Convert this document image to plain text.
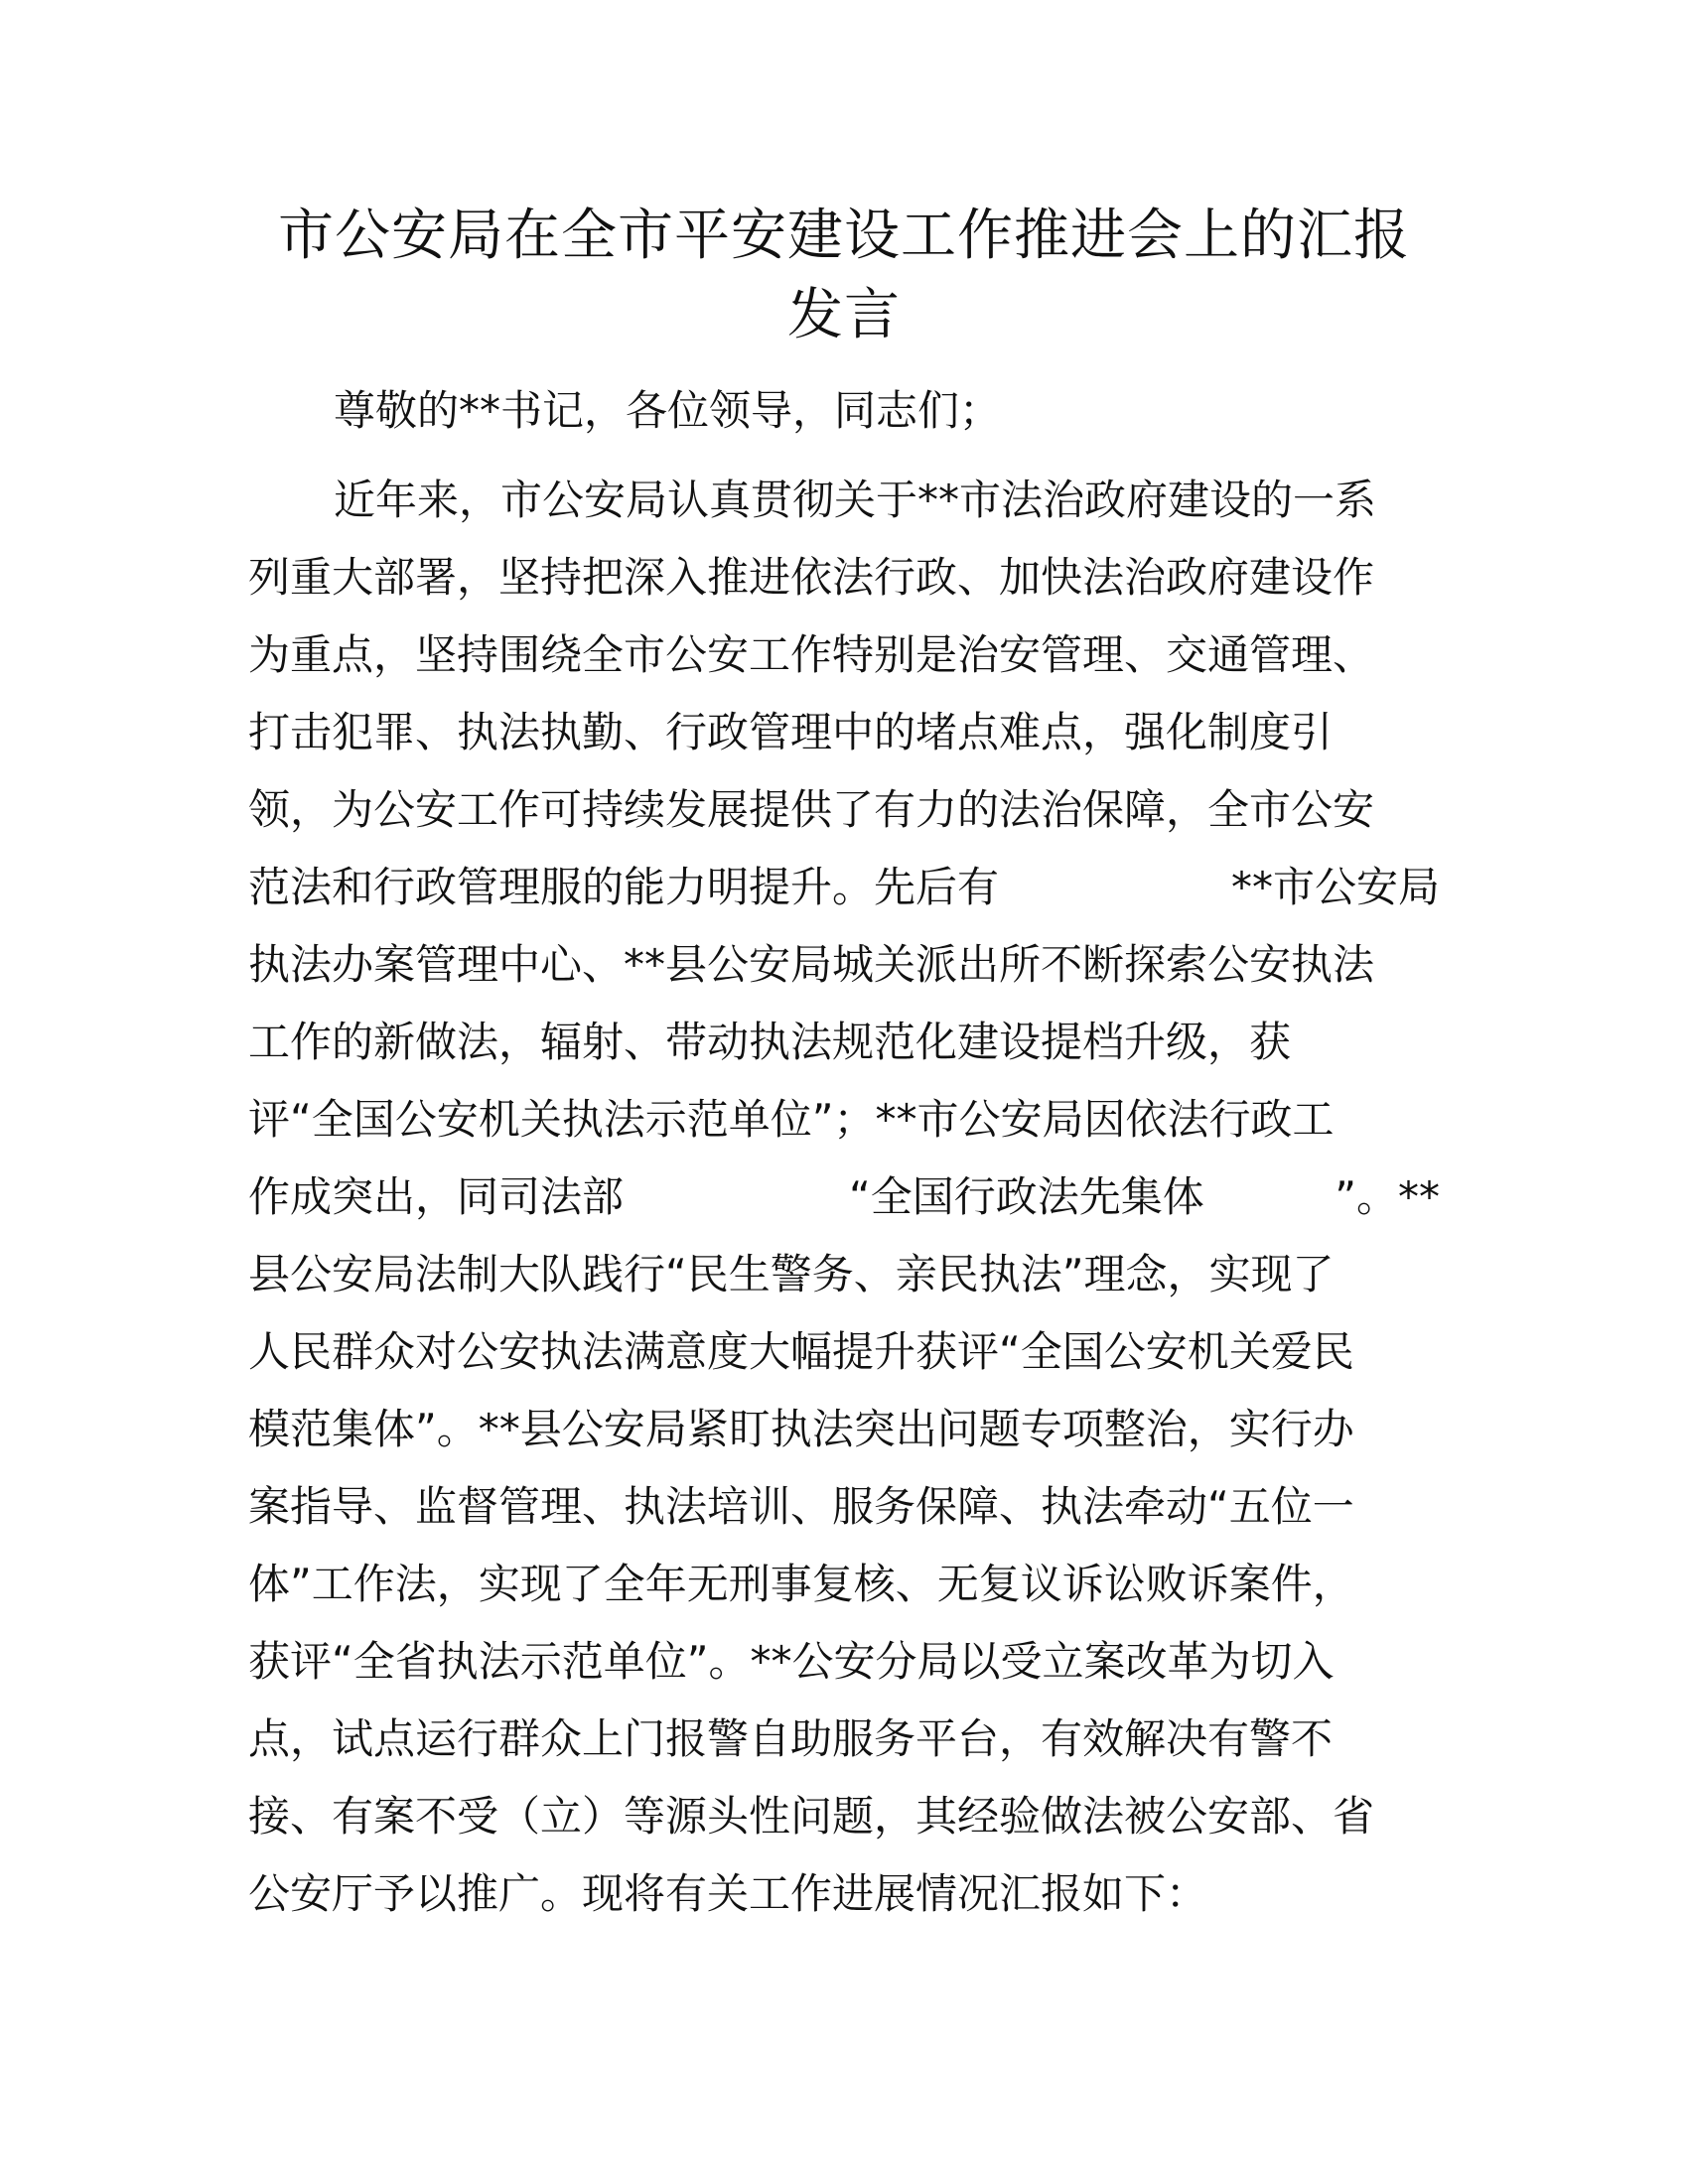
市公安局在全市平安建设工作推进会上的汇报
发言
尊敬的**书记，各位领导，同志们；
近年来，市公安局认真贯彻关于**市法治政府建设的一系
列重大部署，坚持把深入推进依法行政、加快法治政府建设作
为重点，坚持围绕全市公安工作特别是治安管理、交通管理、
打击犯罪、执法执勤、行政管理中的堵点难点，强化制度引
领，为公安工作可持续发展提供了有力的法治保障，全市公安
范法和行政管理服的能力明提升。先后有	**市公安局
执法办案管理中心、**县公安局城关派出所不断探索公安执法
工作的新做法，辐射、带动执法规范化建设提档升级，获
评“全国公安机关执法示范单位”；**市公安局因依法行政工
作成突出，同司法部	“全国行政法先集体	”。**
县公安局法制大队践行“民生警务、亲民执法”理念，实现了
人民群众对公安执法满意度大幅提升获评“全国公安机关爱民
模范集体”。**县公安局紧盯执法突出问题专项整治，实行办
案指导、监督管理、执法培训、服务保障、执法牵动“五位一
体”工作法，实现了全年无刑事复核、无复议诉讼败诉案件，
获评“全省执法示范单位”。**公安分局以受立案改革为切入
点，试点运行群众上门报警自助服务平台，有效解决有警不
接、有案不受（立）等源头性问题，其经验做法被公安部、省
公安厅予以推广。现将有关工作进展情况汇报如下：
